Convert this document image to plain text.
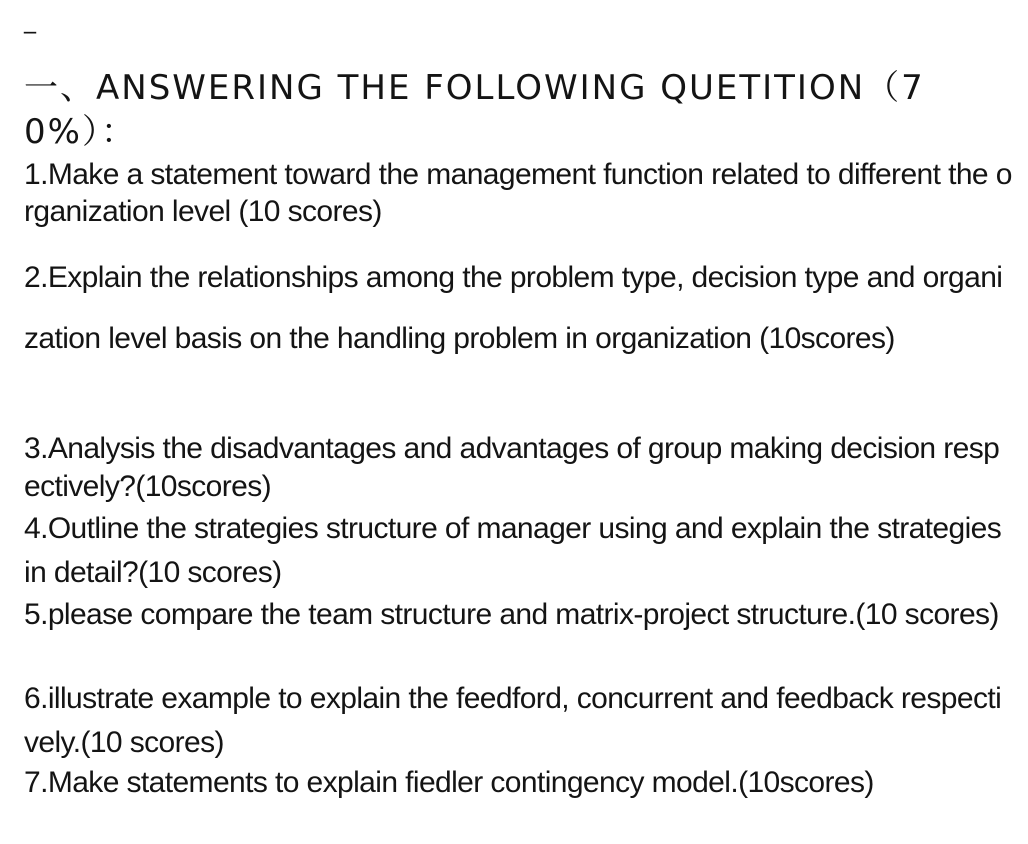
_
一、ANSWERING THE FOLLOWING QUETITION（70%）：
1.Make a statement toward the management function related to different the organization level (10 scores)
2.Explain the relationships among the problem type, decision type and organization level basis on the handling problem in organization (10scores)
3.Analysis the disadvantages and advantages of group making decision respectively?(10scores)
4.Outline the strategies structure of manager using and explain the strategies in detail?(10 scores)
5.please compare the team structure and matrix-project structure.(10 scores)
6.illustrate example to explain the feedford, concurrent and feedback respectively.(10 scores)
7.Make statements to explain fiedler contingency model.(10scores)
